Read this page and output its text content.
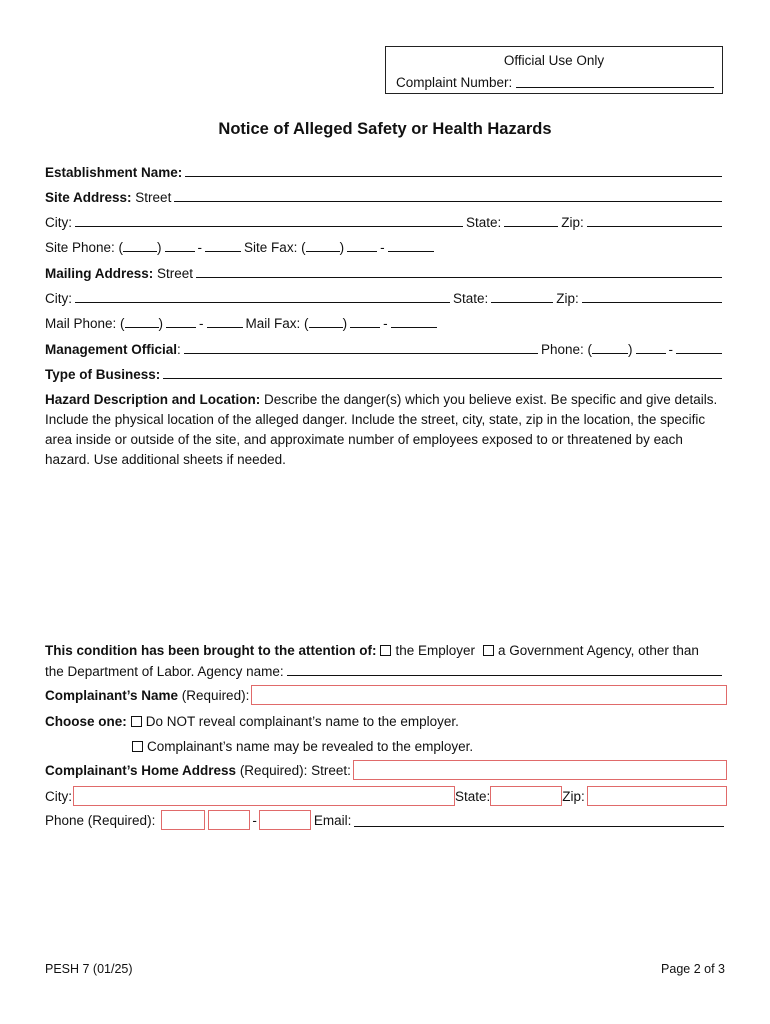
Official Use Only
Complaint Number:
Notice of Alleged Safety or Health Hazards
Establishment Name:
Site Address:
Street
City:	State:	Zip:
Site Phone: (	)	-	Site Fax: (	)	-
Mailing Address:
Street
City:	State:	Zip:
Mail Phone: (	)	-	Mail Fax: (	)	-
Management Official :	Phone: (	)	-
Type of Business:
Hazard Description and Location: Describe the danger(s) which you believe exist. Be specific and give details. Include the physical location of the alleged danger. Include the street, city, state, zip in the location, the specific area inside or outside of the site, and approximate number of employees exposed to or threatened by each hazard. Use additional sheets if needed.
This condition has been brought to the attention of: the Employer a Government Agency, other than
the Department of Labor. Agency name:
Complainant’s Name
(Required):
Choose one: Do NOT reveal complainant’s name to the employer.
Complainant’s name may be revealed to the employer.
Complainant’s Home Address
(Required): Street:
City:	State:	Zip:
Phone (Required):	-	Email:
PESH 7 (01/25)	Page 2 of 3
